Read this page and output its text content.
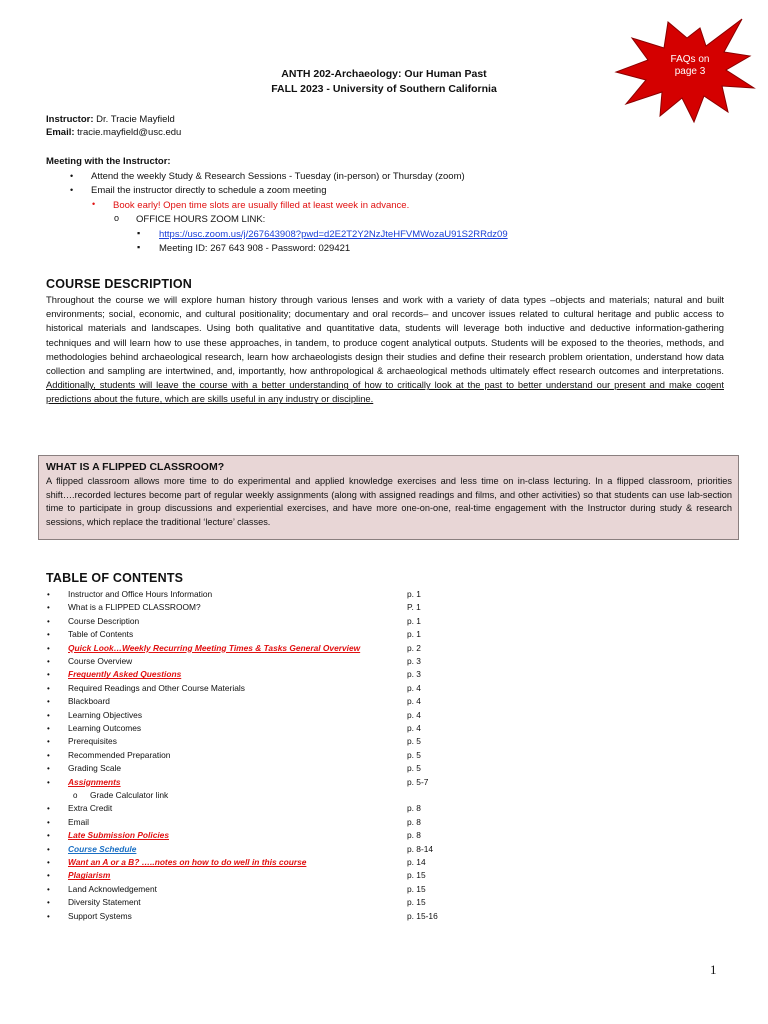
ANTH 202-Archaeology: Our Human Past
FALL 2023 - University of Southern California
FAQs on
page 3
Instructor: Dr. Tracie Mayfield
Email: tracie.mayfield@usc.edu
Meeting with the Instructor:
• Attend the weekly Study & Research Sessions - Tuesday (in-person) or Thursday (zoom)
• Email the instructor directly to schedule a zoom meeting
• Book early! Open time slots are usually filled at least week in advance.
o OFFICE HOURS ZOOM LINK:
▪ https://usc.zoom.us/j/267643908?pwd=d2E2T2Y2NzJteHFVMWozaU91S2RRdz09
▪ Meeting ID: 267 643 908 - Password: 029421
COURSE DESCRIPTION
Throughout the course we will explore human history through various lenses and work with a variety of data types –objects and materials; natural and built environments; social, economic, and cultural positionality; documentary and oral records– and uncover issues related to cultural heritage and public access to historical materials and landscapes. Using both qualitative and quantitative data, students will leverage both inductive and deductive information-gathering techniques and will learn how to use these approaches, in tandem, to produce cogent analytical outputs. Students will be exposed to the theories, methods, and methodologies behind archaeological research, learn how archaeologists design their studies and define their research problem orientation, understand how data collection and sampling are intertwined, and, importantly, how anthropological & archaeological methods ultimately effect research outcomes and interpretations. Additionally, students will leave the course with a better understanding of how to critically look at the past to better understand our present and make cogent predictions about the future, which are skills useful in any industry or discipline.
WHAT IS A FLIPPED CLASSROOM?
A flipped classroom allows more time to do experimental and applied knowledge exercises and less time on in-class lecturing. In a flipped classroom, priorities shift….recorded lectures become part of regular weekly assignments (along with assigned readings and films, and other activities) so that students can use lab-section time to participate in group discussions and experiential exercises, and have more one-on-one, real-time engagement with the Instructor during study & research sessions, which replace the traditional ‘lecture’ classes.
TABLE OF CONTENTS
• Instructor and Office Hours Information	p. 1
• What is a FLIPPED CLASSROOM?	P. 1
• Course Description	p. 1
• Table of Contents	p. 1
• Quick Look…Weekly Recurring Meeting Times & Tasks General Overview	p. 2
• Course Overview	p. 3
• Frequently Asked Questions	p. 3
• Required Readings and Other Course Materials	p. 4
• Blackboard	p. 4
• Learning Objectives	p. 4
• Learning Outcomes	p. 4
• Prerequisites	p. 5
• Recommended Preparation	p. 5
• Grading Scale	p. 5
• Assignments	p. 5-7
o Grade Calculator link
• Extra Credit	p. 8
• Email	p. 8
• Late Submission Policies	p. 8
• Course Schedule	p. 8-14
• Want an A or a B? …..notes on how to do well in this course	p. 14
• Plagiarism	p. 15
• Land Acknowledgement	p. 15
• Diversity Statement	p. 15
• Support Systems	p. 15-16
1
